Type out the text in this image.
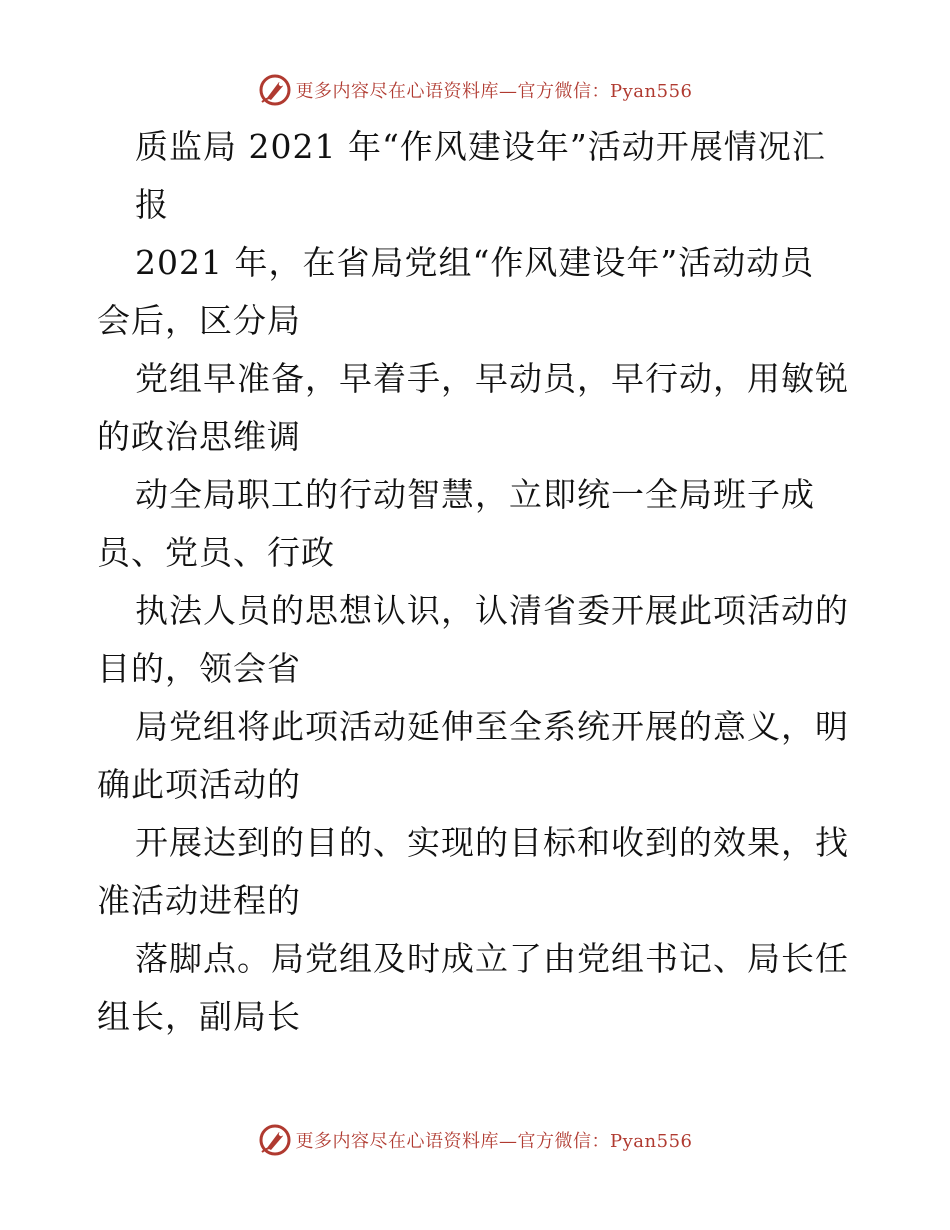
更多内容尽在心语资料库—官方微信：Pyan556
质监局 2021 年“作风建设年”活动开展情况汇
报
2021 年，在省局党组“作风建设年”活动动员
会后，区分局
党组早准备，早着手，早动员，早行动，用敏锐
的政治思维调
动全局职工的行动智慧，立即统一全局班子成
员、党员、行政
执法人员的思想认识，认清省委开展此项活动的
目的，领会省
局党组将此项活动延伸至全系统开展的意义，明
确此项活动的
开展达到的目的、实现的目标和收到的效果，找
准活动进程的
落脚点。局党组及时成立了由党组书记、局长任
组长，副局长
更多内容尽在心语资料库—官方微信：Pyan556
